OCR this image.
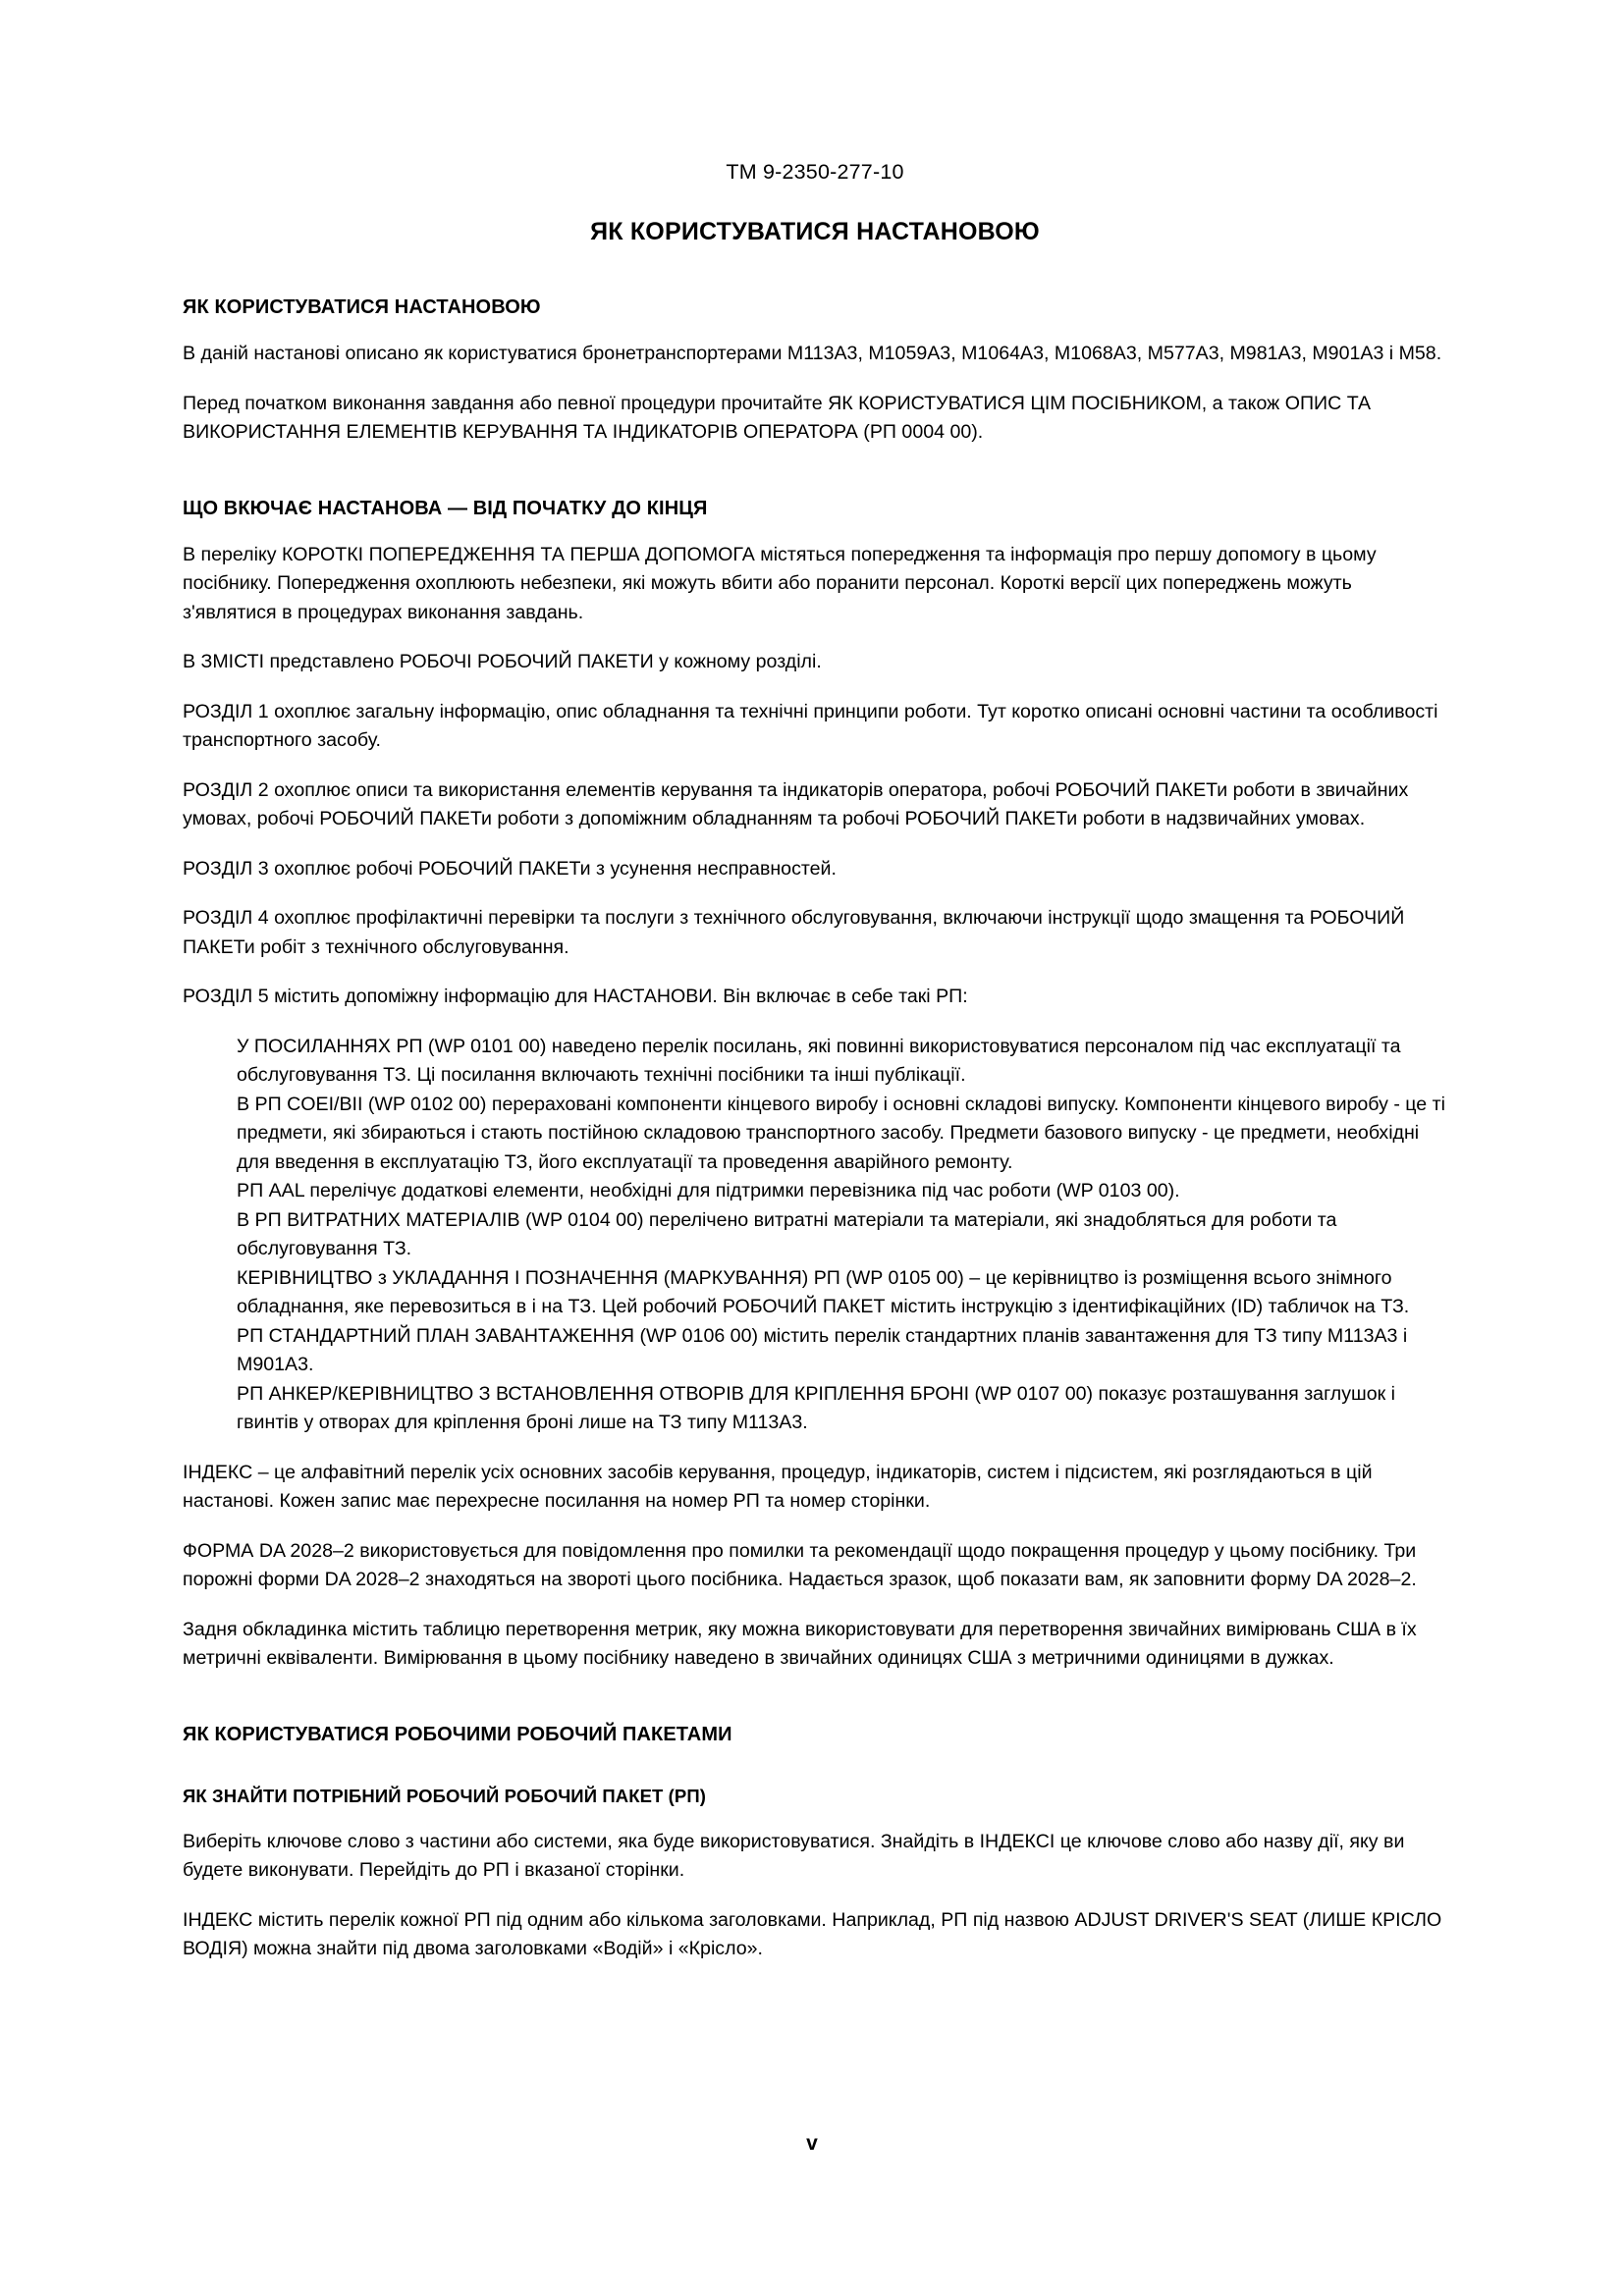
TM 9-2350-277-10
ЯК КОРИСТУВАТИСЯ НАСТАНОВОЮ
ЯК КОРИСТУВАТИСЯ НАСТАНОВОЮ

В даній настанові описано як користуватися бронетранспортерами M113A3, M1059A3, M1064A3, M1068A3, M577A3, M981A3, M901A3 і M58.

Перед початком виконання завдання або певної процедури прочитайте ЯК КОРИСТУВАТИСЯ ЦІМ ПОСІБНИКОМ, а також ОПИС ТА ВИКОРИСТАННЯ ЕЛЕМЕНТІВ КЕРУВАННЯ ТА ІНДИКАТОРІВ ОПЕРАТОРА (РП 0004 00).

ЩО ВКЮЧАЄ НАСТАНОВА — ВІД ПОЧАТКУ ДО КІНЦЯ

В переліку КОРОТКІ ПОПЕРЕДЖЕННЯ ТА ПЕРША ДОПОМОГА містяться попередження та інформація про першу допомогу в цьому посібнику. Попередження охоплюють небезпеки, які можуть вбити або поранити персонал. Короткі версії цих попереджень можуть з'являтися в процедурах виконання завдань.

В ЗМІСТІ представлено РОБОЧІ РОБОЧИЙ ПАКЕТИ у кожному розділі.

РОЗДІЛ 1 охоплює загальну інформацію, опис обладнання та технічні принципи роботи. Тут коротко описані основні частини та особливості транспортного засобу.

РОЗДІЛ 2 охоплює описи та використання елементів керування та індикаторів оператора, робочі РОБОЧИЙ ПАКЕТи роботи в звичайних умовах, робочі РОБОЧИЙ ПАКЕТи роботи з допоміжним обладнанням та робочі РОБОЧИЙ ПАКЕТи роботи в надзвичайних умовах.

РОЗДІЛ 3 охоплює робочі РОБОЧИЙ ПАКЕТи з усунення несправностей.

РОЗДІЛ 4 охоплює профілактичні перевірки та послуги з технічного обслуговування, включаючи інструкції щодо змащення та РОБОЧИЙ ПАКЕТи робіт з технічного обслуговування.

РОЗДІЛ 5 містить допоміжну інформацію для НАСТАНОВИ. Він включає в себе такі РП:

У ПОСИЛАННЯХ РП (WP 0101 00) наведено перелік посилань, які повинні використовуватися персоналом під час експлуатації та обслуговування ТЗ. Ці посилання включають технічні посібники та інші публікації.

В РП COEI/BII (WP 0102 00) перераховані компоненти кінцевого виробу і основні складові випуску. Компоненти кінцевого виробу - це ті предмети, які збираються і стають постійною складовою транспортного засобу. Предмети базового випуску - це предмети, необхідні для введення в експлуатацію ТЗ, його експлуатації та проведення аварійного ремонту.

РП AAL перелічує додаткові елементи, необхідні для підтримки перевізника під час роботи (WP 0103 00).

В РП ВИТРАТНИХ МАТЕРІАЛІВ (WP 0104 00) перелічено витратні матеріали та матеріали, які знадобляться для роботи та обслуговування ТЗ.

КЕРІВНИЦТВО з УКЛАДАННЯ І ПОЗНАЧЕННЯ (МАРКУВАННЯ) РП (WP 0105 00) – це керівництво із розміщення всього знімного обладнання, яке перевозиться в і на ТЗ. Цей робочий РОБОЧИЙ ПАКЕТ містить інструкцію з ідентифікаційних (ID) табличок на ТЗ.

РП СТАНДАРТНИЙ ПЛАН ЗАВАНТАЖЕННЯ (WP 0106 00) містить перелік стандартних планів завантаження для ТЗ типу M113A3 і M901A3.

РП АНКЕР/КЕРІВНИЦТВО З ВСТАНОВЛЕННЯ ОТВОРІВ ДЛЯ КРІПЛЕННЯ БРОНІ (WP 0107 00) показує розташування заглушок і гвинтів у отворах для кріплення броні лише на ТЗ типу M113A3.

ІНДЕКС – це алфавітний перелік усіх основних засобів керування, процедур, індикаторів, систем і підсистем, які розглядаються в цій настанові. Кожен запис має перехресне посилання на номер РП та номер сторінки.

ФОРМА DA 2028–2 використовується для повідомлення про помилки та рекомендації щодо покращення процедур у цьому посібнику. Три порожні форми DA 2028–2 знаходяться на звороті цього посібника. Надається зразок, щоб показати вам, як заповнити форму DA 2028–2.

Задня обкладинка містить таблицю перетворення метрик, яку можна використовувати для перетворення звичайних вимірювань США в їх метричні еквіваленти. Вимірювання в цьому посібнику наведено в звичайних одиницях США з метричними одиницями в дужках.

ЯК КОРИСТУВАТИСЯ РОБОЧИМИ РОБОЧИЙ ПАКЕТАМИ
ЯК ЗНАЙТИ ПОТРІБНИЙ РОБОЧИЙ РОБОЧИЙ ПАКЕТ (РП)

Виберіть ключове слово з частини або системи, яка буде використовуватися. Знайдіть в ІНДЕКСІ це ключове слово або назву дії, яку ви будете виконувати. Перейдіть до РП і вказаної сторінки.

ІНДЕКС містить перелік кожної РП під одним або кількома заголовками. Наприклад, РП під назвою ADJUST DRIVER'S SEAT (ЛИШЕ КРІСЛО ВОДІЯ) можна знайти під двома заголовками «Водій» і «Крісло».

v
